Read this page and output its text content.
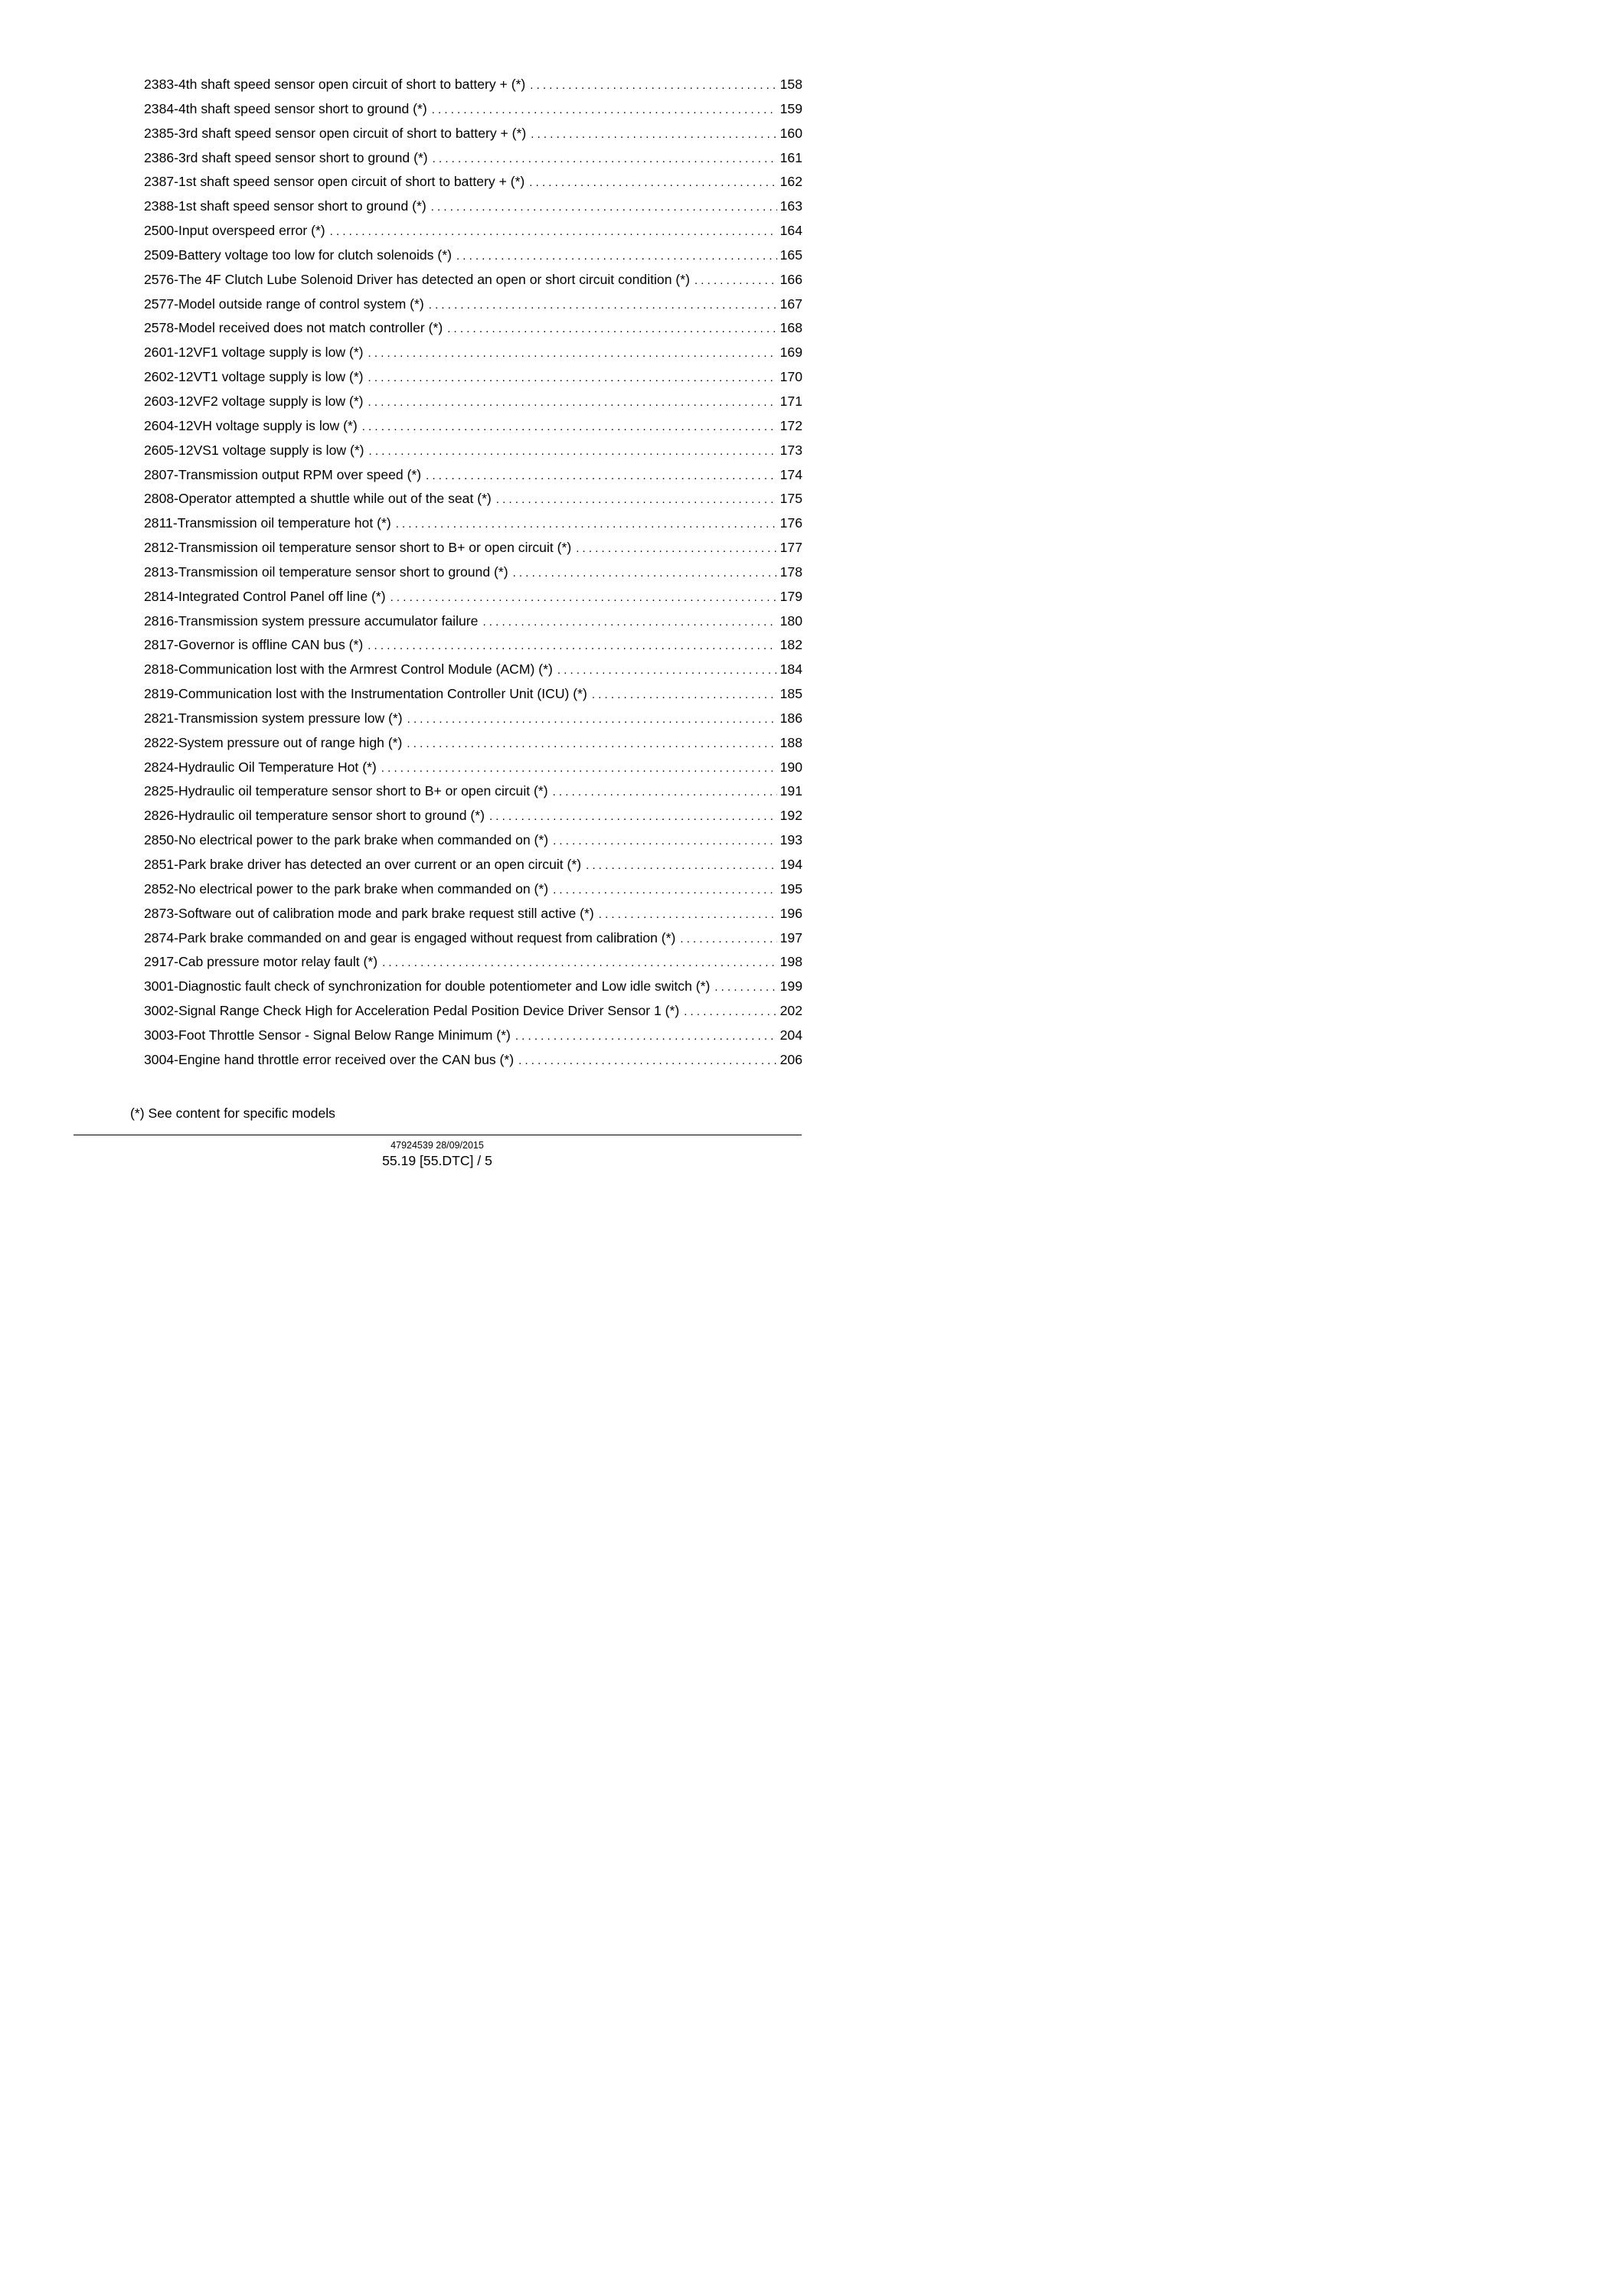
2383-4th shaft speed sensor open circuit of short to battery + (*) . . .	158
2384-4th shaft speed sensor short to ground (*) . . .	159
2385-3rd shaft speed sensor open circuit of short to battery + (*) . . .	160
2386-3rd shaft speed sensor short to ground (*) . . .	161
2387-1st shaft speed sensor open circuit of short to battery + (*) . . .	162
2388-1st shaft speed sensor short to ground (*) . . .	163
2500-Input overspeed error (*) . . .	164
2509-Battery voltage too low for clutch solenoids (*) . . .	165
2576-The 4F Clutch Lube Solenoid Driver has detected an open or short circuit condition (*) . . .	166
2577-Model outside range of control system (*) . . .	167
2578-Model received does not match controller (*) . . .	168
2601-12VF1 voltage supply is low (*) . . .	169
2602-12VT1 voltage supply is low (*) . . .	170
2603-12VF2 voltage supply is low (*) . . .	171
2604-12VH voltage supply is low (*) . . .	172
2605-12VS1 voltage supply is low (*) . . .	173
2807-Transmission output RPM over speed (*) . . .	174
2808-Operator attempted a shuttle while out of the seat (*) . . .	175
2811-Transmission oil temperature hot (*) . . .	176
2812-Transmission oil temperature sensor short to B+ or open circuit (*) . . .	177
2813-Transmission oil temperature sensor short to ground (*) . . .	178
2814-Integrated Control Panel off line (*) . . .	179
2816-Transmission system pressure accumulator failure . . .	180
2817-Governor is offline CAN bus (*) . . .	182
2818-Communication lost with the Armrest Control Module (ACM) (*) . . .	184
2819-Communication lost with the Instrumentation Controller Unit (ICU) (*) . . .	185
2821-Transmission system pressure low (*) . . .	186
2822-System pressure out of range high (*) . . .	188
2824-Hydraulic Oil Temperature Hot (*) . . .	190
2825-Hydraulic oil temperature sensor short to B+ or open circuit (*) . . .	191
2826-Hydraulic oil temperature sensor short to ground (*) . . .	192
2850-No electrical power to the park brake when commanded on (*) . . .	193
2851-Park brake driver has detected an over current or an open circuit (*) . . .	194
2852-No electrical power to the park brake when commanded on (*) . . .	195
2873-Software out of calibration mode and park brake request still active (*) . . .	196
2874-Park brake commanded on and gear is engaged without request from calibration (*) . . .	197
2917-Cab pressure motor relay fault (*) . . .	198
3001-Diagnostic fault check of synchronization for double potentiometer and Low idle switch (*) . . .	199
3002-Signal Range Check High for Acceleration Pedal Position Device Driver Sensor 1 (*) . . .	202
3003-Foot Throttle Sensor - Signal Below Range Minimum (*) . . .	204
3004-Engine hand throttle error received over the CAN bus (*) . . .	206
(*) See content for specific models
47924539 28/09/2015
55.19 [55.DTC] / 5
